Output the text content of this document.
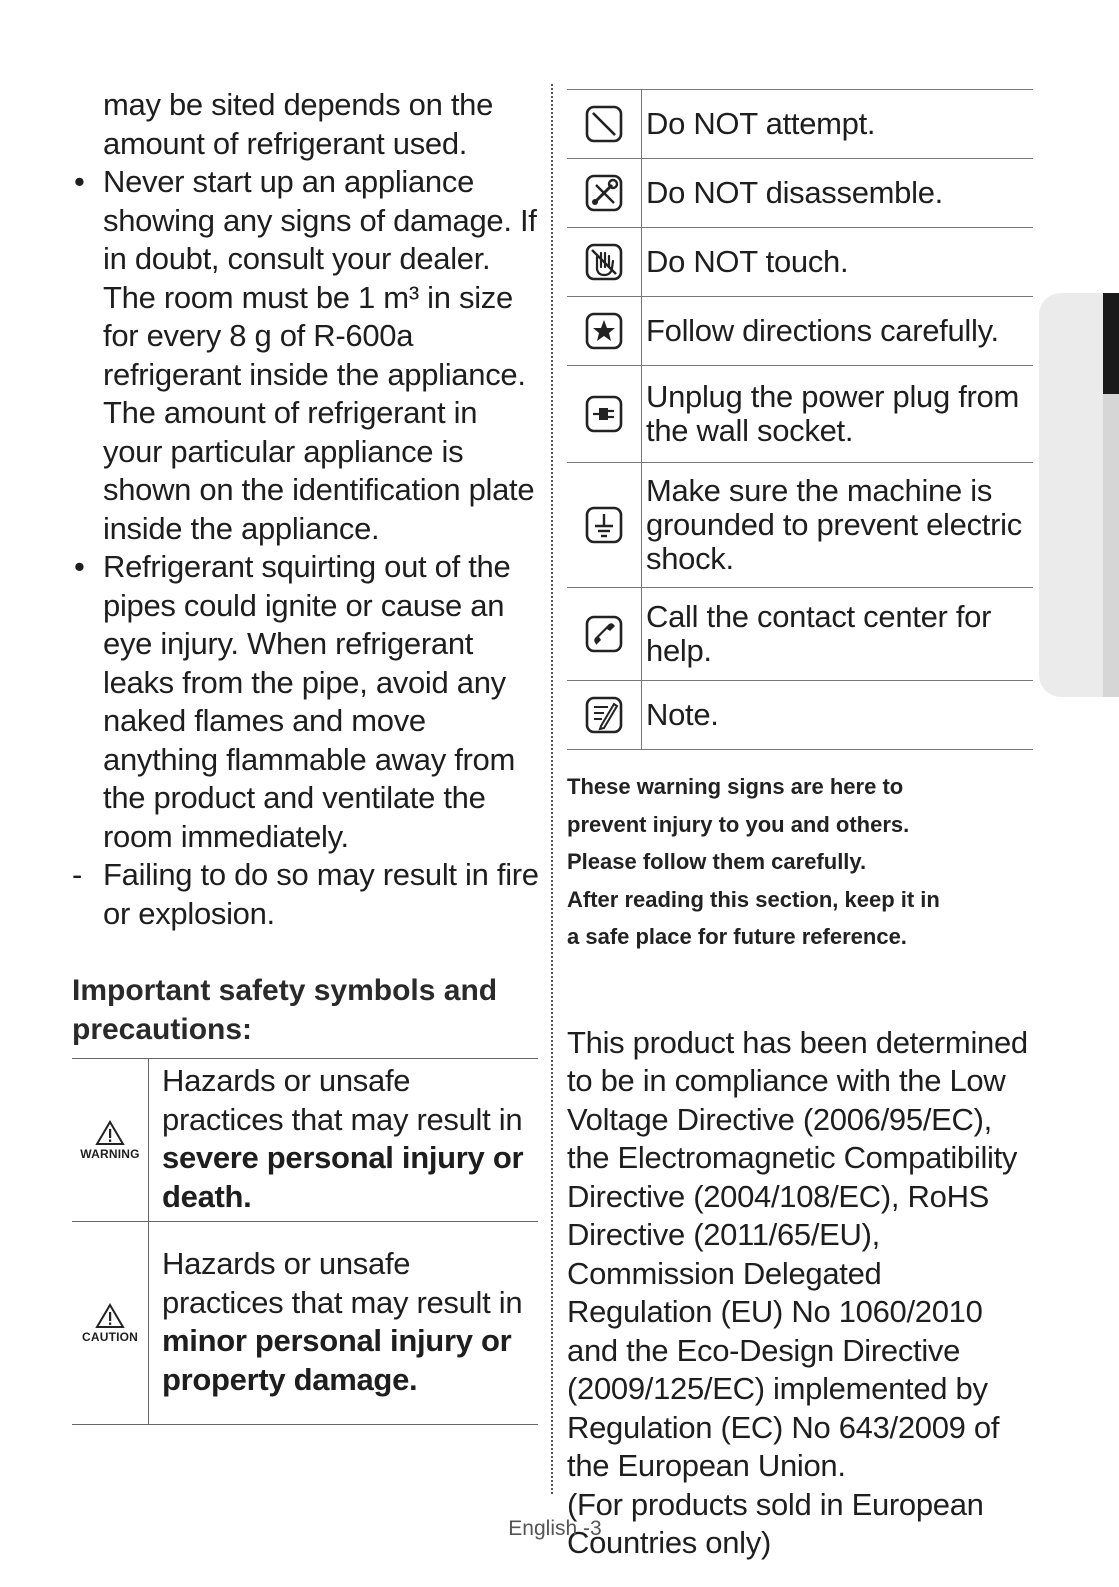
may be sited depends on the amount of refrigerant used.
• Never start up an appliance showing any signs of damage. If in doubt, consult your dealer. The room must be 1 m³ in size for every 8 g of R-600a refrigerant inside the appliance. The amount of refrigerant in your particular appliance is shown on the identification plate inside the appliance.
• Refrigerant squirting out of the pipes could ignite or cause an eye injury. When refrigerant leaks from the pipe, avoid any naked flames and move anything flammable away from the product and ventilate the room immediately.
- Failing to do so may result in fire or explosion.
Important safety symbols and precautions:
WARNING	Hazards or unsafe practices that may result in severe personal injury or death.

CAUTION	Hazards or unsafe practices that may result in minor personal injury or property damage.
	Do NOT attempt.

	Do NOT disassemble.

	Do NOT touch.

	Follow directions carefully.

	Unplug the power plug from the wall socket.

	Make sure the machine is grounded to prevent electric shock.

	Call the contact center for help.

	Note.
These warning signs are here to
prevent injury to you and others.
Please follow them carefully.
After reading this section, keep it in
a safe place for future reference.
This product has been determined to be in compliance with the Low Voltage Directive (2006/95/EC), the Electromagnetic Compatibility Directive (2004/108/EC), RoHS Directive (2011/65/EU), Commission Delegated Regulation (EU) No 1060/2010 and the Eco-Design Directive (2009/125/EC) implemented by Regulation (EC) No 643/2009 of the European Union.
(For products sold in European Countries only)
English -3
